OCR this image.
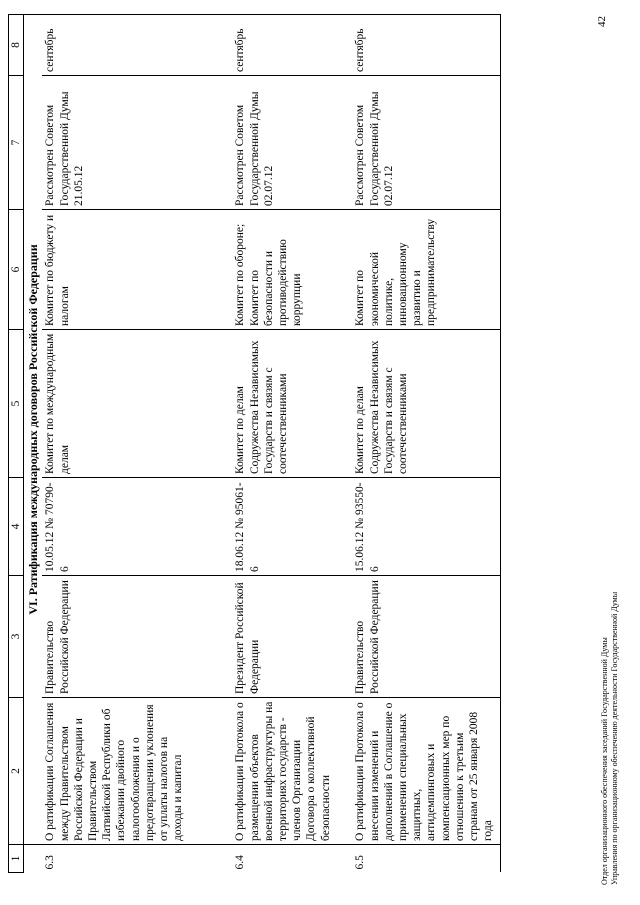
1	2	3	4	5	6	7	8
	VI. Ратификация международных договоров Российской Федерации						
6.3	О ратификации Соглашения между Правительством Российской Федерации и Правительством Латвийской Республики об избежании двойного налогообложения и о предотвращении уклонения от уплаты налогов на доходы и капитал	Правительство Российской Федерации	10.05.12 № 70790-6	Комитет по международным делам	Комитет по бюджету и налогам	Рассмотрен Советом Государственной Думы 21.05.12	сентябрь
6.4	О ратификации Протокола о размещении объектов военной инфраструктуры на территориях государств - членов Организации Договора о коллективной безопасности	Президент Российской Федерации	18.06.12 № 95061-6	Комитет по делам Содружества Независимых Государств и связям с соотечественниками	Комитет по обороне; Комитет по безопасности и противодействию коррупции	Рассмотрен Советом Государственной Думы 02.07.12	сентябрь
6.5	О ратификации Протокола о внесении изменений и дополнений в Соглашение о применении специальных защитных, антидемпинговых и компенсационных мер по отношению к третьим странам от 25 января 2008 года	Правительство Российской Федерации	15.06.12 № 93550-6	Комитет по делам Содружества Независимых Государств и связям с соотечественниками	Комитет по экономической политике, инновационному развитию и предпринимательству	Рассмотрен Советом Государственной Думы 02.07.12	сентябрь

Отдел организационного обеспечения заседаний Государственной Думы Управления по организационному обеспечению деятельности Государственной Думы
42
